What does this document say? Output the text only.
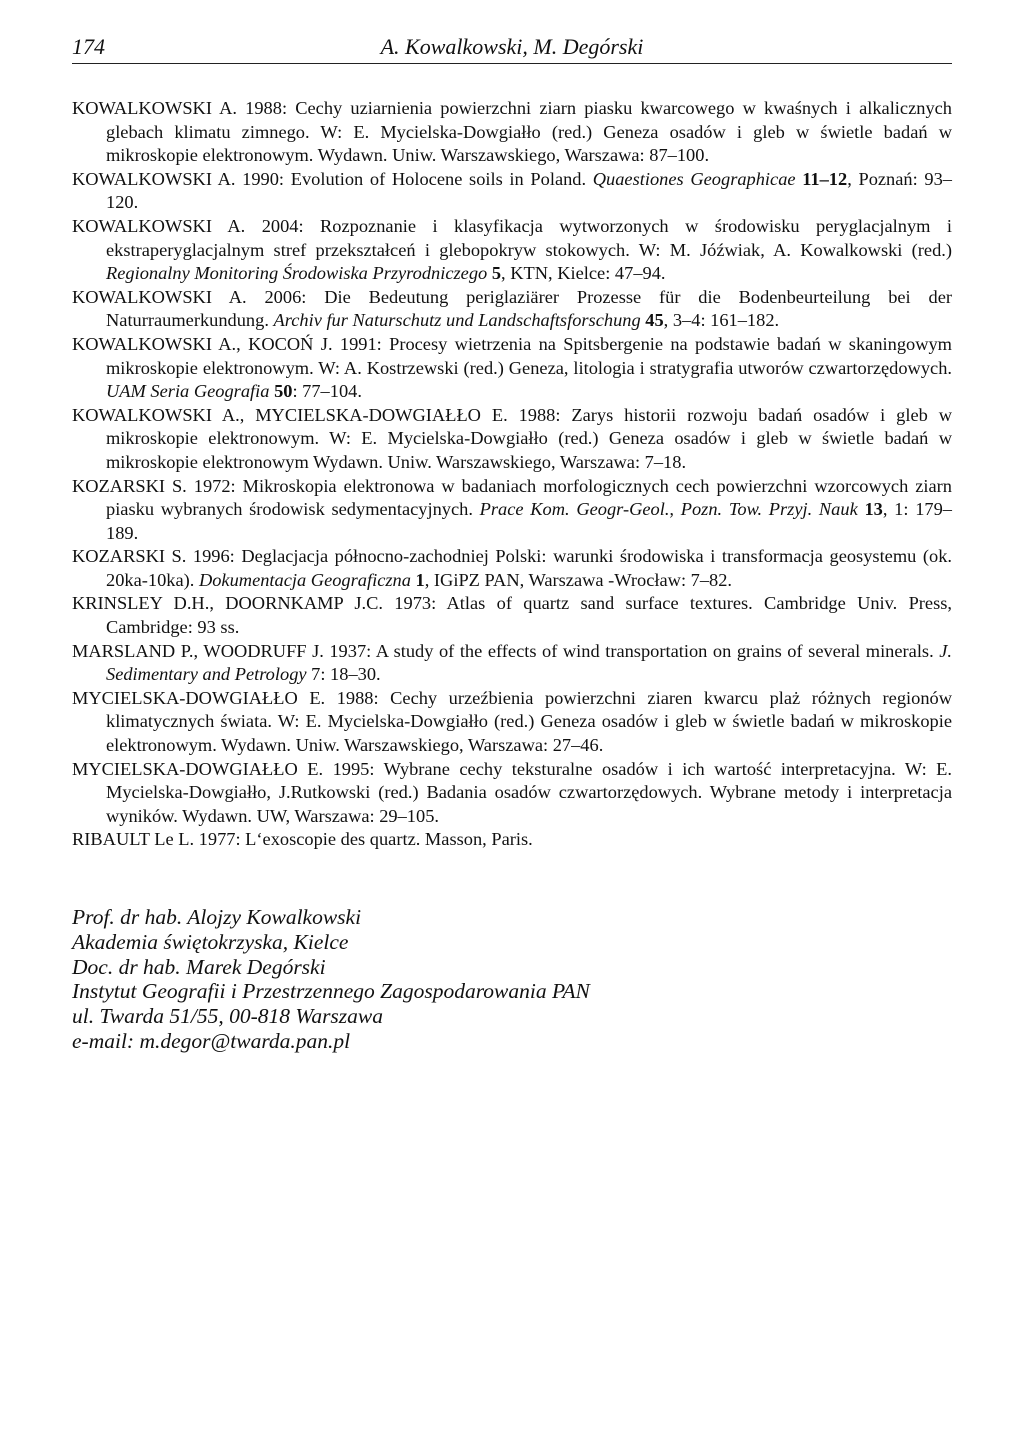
174	A. Kowalkowski, M. Degórski

KOWALKOWSKI A. 1988: Cechy uziarnienia powierzchni ziarn piasku kwarcowego w kwaśnych i alkalicznych glebach klimatu zimnego. W: E. Mycielska-Dowgiałło (red.) Geneza osadów i gleb w świetle badań w mikroskopie elektronowym. Wydawn. Uniw. Warszawskiego, Warszawa: 87–100.

KOWALKOWSKI A. 1990: Evolution of Holocene soils in Poland. Quaestiones Geographicae 11–12, Poznań: 93–120.

KOWALKOWSKI A. 2004: Rozpoznanie i klasyfikacja wytworzonych w środowisku peryglacjalnym i ekstraperyglacjalnym stref przekształceń i glebopokryw stokowych. W: M. Jóźwiak, A. Kowalkowski (red.) Regionalny Monitoring Środowiska Przyrodniczego 5, KTN, Kielce: 47–94.

KOWALKOWSKI A. 2006: Die Bedeutung periglaziärer Prozesse für die Bodenbeurteilung bei der Naturraumerkundung. Archiv fur Naturschutz und Landschaftsforschung 45, 3–4: 161–182.

KOWALKOWSKI A., KOCOŃ J. 1991: Procesy wietrzenia na Spitsbergenie na podstawie badań w skaningowym mikroskopie elektronowym. W: A. Kostrzewski (red.) Geneza, litologia i stratygrafia utworów czwartorzędowych. UAM Seria Geografia 50: 77–104.

KOWALKOWSKI A., MYCIELSKA-DOWGIAŁŁO E. 1988: Zarys historii rozwoju badań osadów i gleb w mikroskopie elektronowym. W: E. Mycielska-Dowgiałło (red.) Geneza osadów i gleb w świetle badań w mikroskopie elektronowym Wydawn. Uniw. Warszawskiego, Warszawa: 7–18.

KOZARSKI S. 1972: Mikroskopia elektronowa w badaniach morfologicznych cech powierzchni wzorcowych ziarn piasku wybranych środowisk sedymentacyjnych. Prace Kom. Geogr-Geol., Pozn. Tow. Przyj. Nauk 13, 1: 179–189.

KOZARSKI S. 1996: Deglacjacja północno-zachodniej Polski: warunki środowiska i transformacja geosystemu (ok. 20ka-10ka). Dokumentacja Geograficzna 1, IGiPZ PAN, Warszawa -Wrocław: 7–82.

KRINSLEY D.H., DOORNKAMP J.C. 1973: Atlas of quartz sand surface textures. Cambridge Univ. Press, Cambridge: 93 ss.

MARSLAND P., WOODRUFF J. 1937: A study of the effects of wind transportation on grains of several minerals. J. Sedimentary and Petrology 7: 18–30.

MYCIELSKA-DOWGIAŁŁO E. 1988: Cechy urzeźbienia powierzchni ziaren kwarcu plaż różnych regionów klimatycznych świata. W: E. Mycielska-Dowgiałło (red.) Geneza osadów i gleb w świetle badań w mikroskopie elektronowym. Wydawn. Uniw. Warszawskiego, Warszawa: 27–46.

MYCIELSKA-DOWGIAŁŁO E. 1995: Wybrane cechy teksturalne osadów i ich wartość interpretacyjna. W: E. Mycielska-Dowgiałło, J.Rutkowski (red.) Badania osadów czwartorzędowych. Wybrane metody i interpretacja wyników. Wydawn. UW, Warszawa: 29–105.

RIBAULT Le L. 1977: L‘exoscopie des quartz. Masson, Paris.

Prof. dr hab. Alojzy Kowalkowski
Akademia świętokrzyska, Kielce
Doc. dr hab. Marek Degórski
Instytut Geografii i Przestrzennego Zagospodarowania PAN
ul. Twarda 51/55, 00-818 Warszawa
e-mail: m.degor@twarda.pan.pl
